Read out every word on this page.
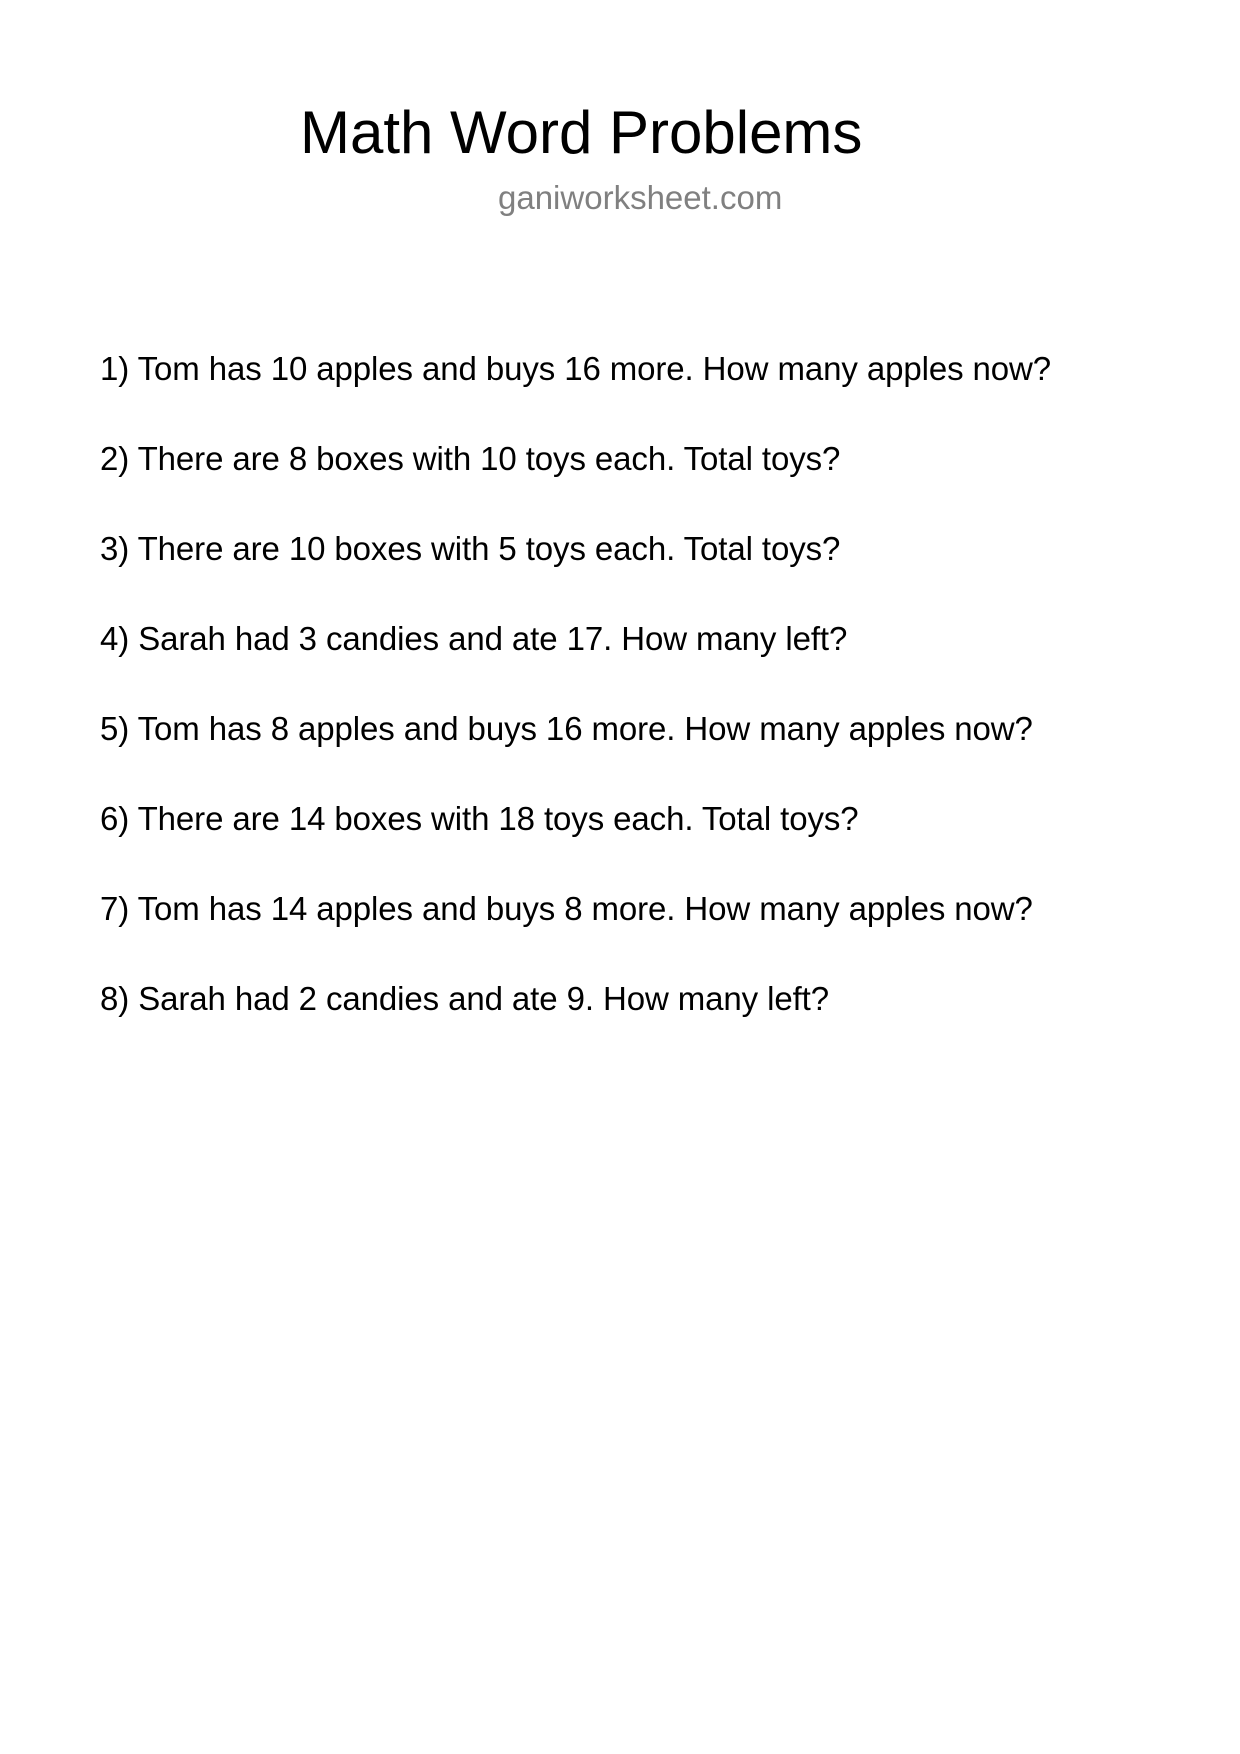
Math Word Problems
ganiworksheet.com
1) Tom has 10 apples and buys 16 more. How many apples now?
2) There are 8 boxes with 10 toys each. Total toys?
3) There are 10 boxes with 5 toys each. Total toys?
4) Sarah had 3 candies and ate 17. How many left?
5) Tom has 8 apples and buys 16 more. How many apples now?
6) There are 14 boxes with 18 toys each. Total toys?
7) Tom has 14 apples and buys 8 more. How many apples now?
8) Sarah had 2 candies and ate 9. How many left?
